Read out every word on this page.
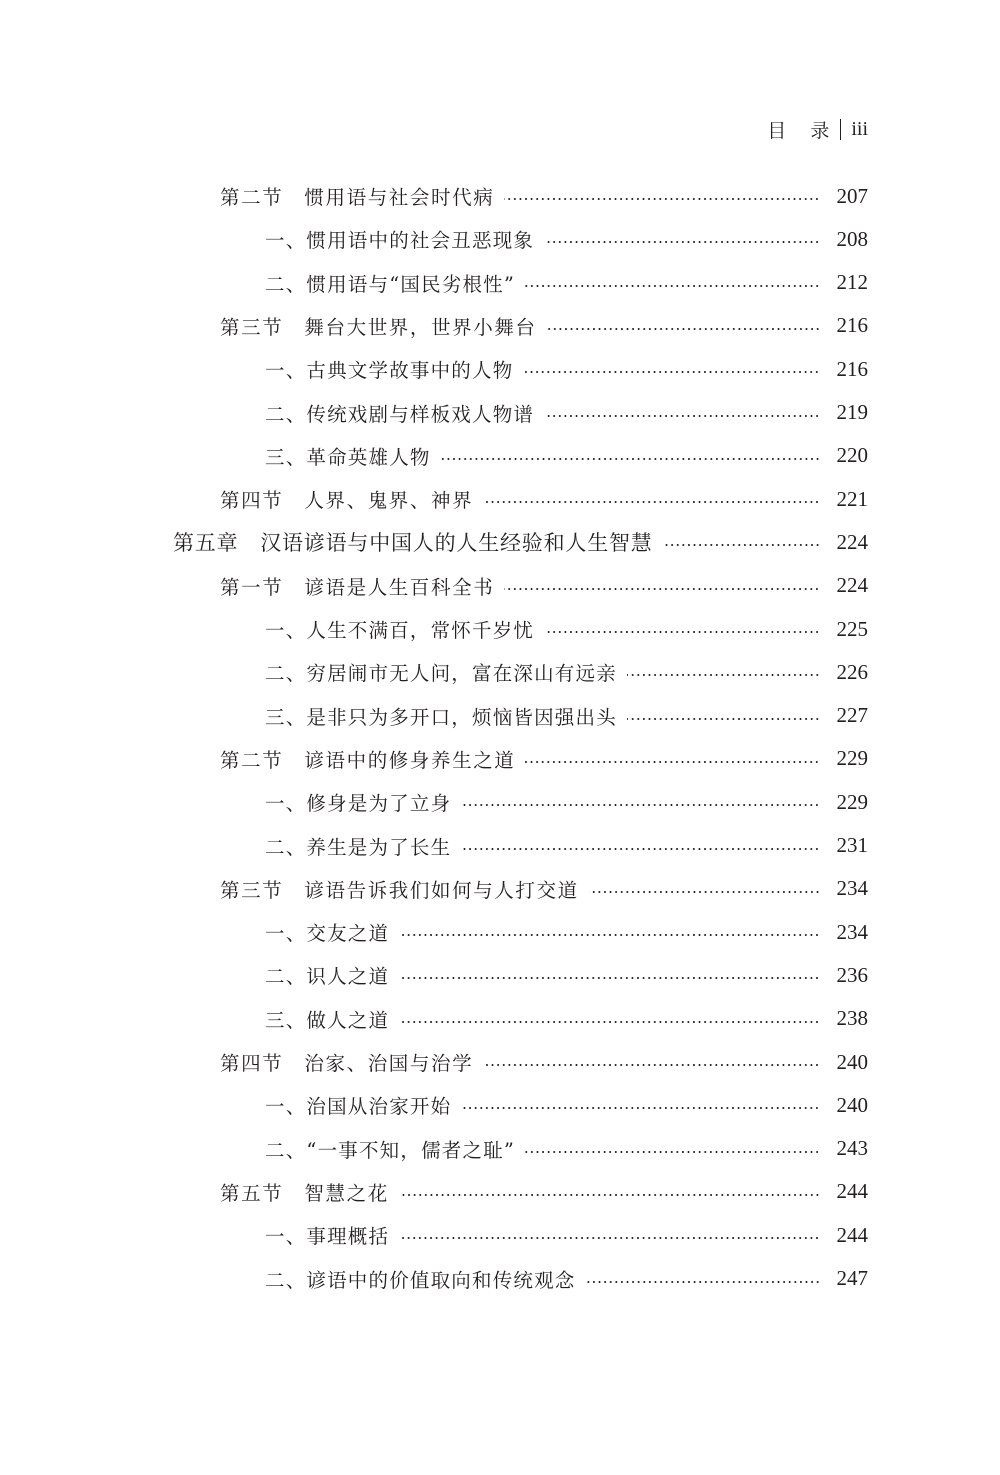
目 录 iii
第二节　惯用语与社会时代病	207
一、惯用语中的社会丑恶现象	208
二、惯用语与“国民劣根性”	212
第三节　舞台大世界，世界小舞台	216
一、古典文学故事中的人物	216
二、传统戏剧与样板戏人物谱	219
三、革命英雄人物	220
第四节　人界、鬼界、神界	221
第五章　汉语谚语与中国人的人生经验和人生智慧	224
第一节　谚语是人生百科全书	224
一、人生不满百，常怀千岁忧	225
二、穷居闹市无人问，富在深山有远亲	226
三、是非只为多开口，烦恼皆因强出头	227
第二节　谚语中的修身养生之道	229
一、修身是为了立身	229
二、养生是为了长生	231
第三节　谚语告诉我们如何与人打交道	234
一、交友之道	234
二、识人之道	236
三、做人之道	238
第四节　治家、治国与治学	240
一、治国从治家开始	240
二、“一事不知，儒者之耻”	243
第五节　智慧之花	244
一、事理概括	244
二、谚语中的价值取向和传统观念	247
